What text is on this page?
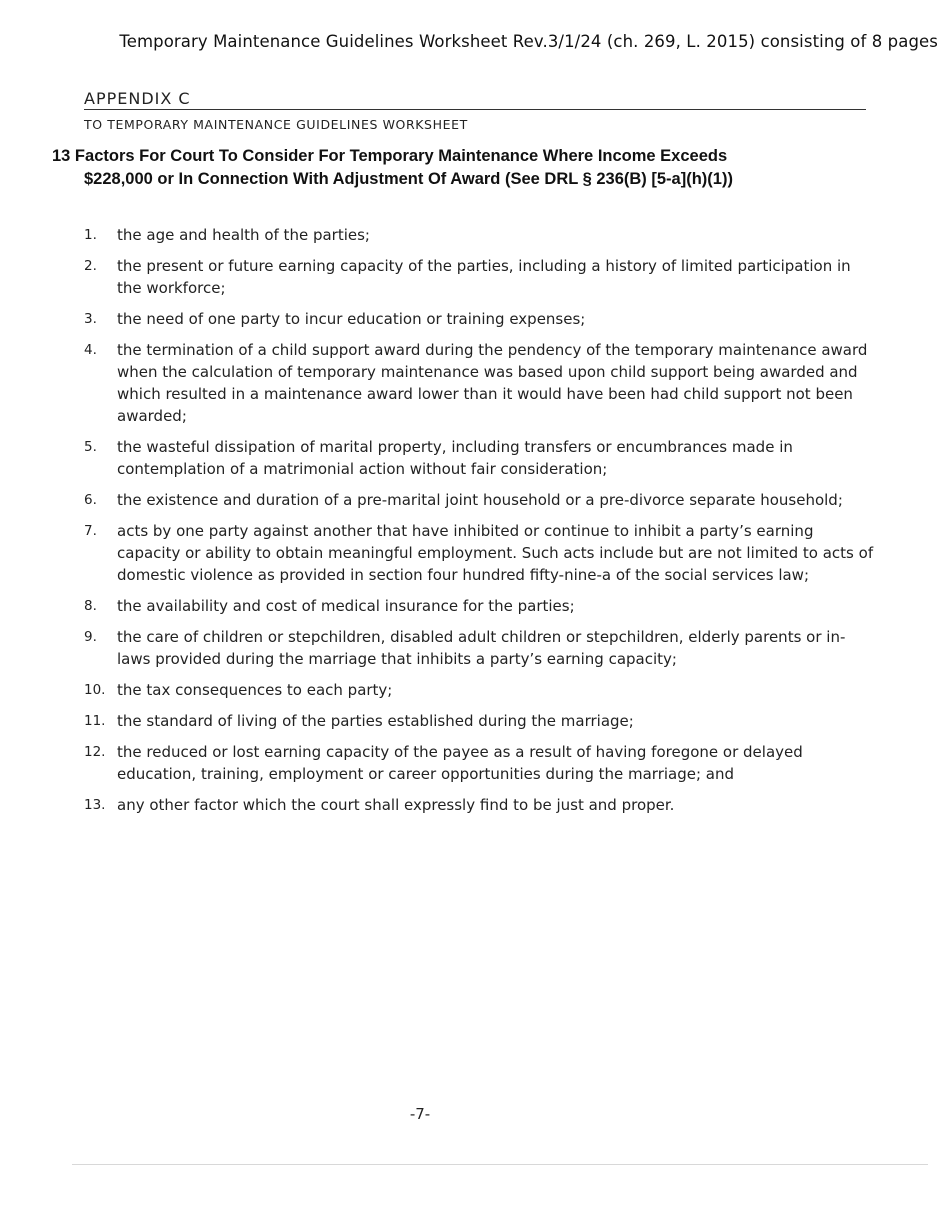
Temporary Maintenance Guidelines Worksheet Rev.3/1/24 (ch. 269, L. 2015) consisting of 8 pages
APPENDIX C
TO TEMPORARY MAINTENANCE GUIDELINES WORKSHEET
13 Factors For Court To Consider For Temporary Maintenance Where Income Exceeds
$228,000 or In Connection With Adjustment Of Award (See DRL § 236(B) [5-a](h)(1))
1. the age and health of the parties;
2. the present or future earning capacity of the parties, including a history of limited participation in the workforce;
3. the need of one party to incur education or training expenses;
4. the termination of a child support award during the pendency of the temporary maintenance award when the calculation of temporary maintenance was based upon child support being awarded and which resulted in a maintenance award lower than it would have been had child support not been awarded;
5. the wasteful dissipation of marital property, including transfers or encumbrances made in contemplation of a matrimonial action without fair consideration;
6. the existence and duration of a pre-marital joint household or a pre-divorce separate household;
7. acts by one party against another that have inhibited or continue to inhibit a party’s earning capacity or ability to obtain meaningful employment. Such acts include but are not limited to acts of domestic violence as provided in section four hundred fifty-nine-a of the social services law;
8. the availability and cost of medical insurance for the parties;
9. the care of children or stepchildren, disabled adult children or stepchildren, elderly parents or in-laws provided during the marriage that inhibits a party’s earning capacity;
10. the tax consequences to each party;
11. the standard of living of the parties established during the marriage;
12. the reduced or lost earning capacity of the payee as a result of having foregone or delayed education, training, employment or career opportunities during the marriage; and
13. any other factor which the court shall expressly find to be just and proper.
-7-
